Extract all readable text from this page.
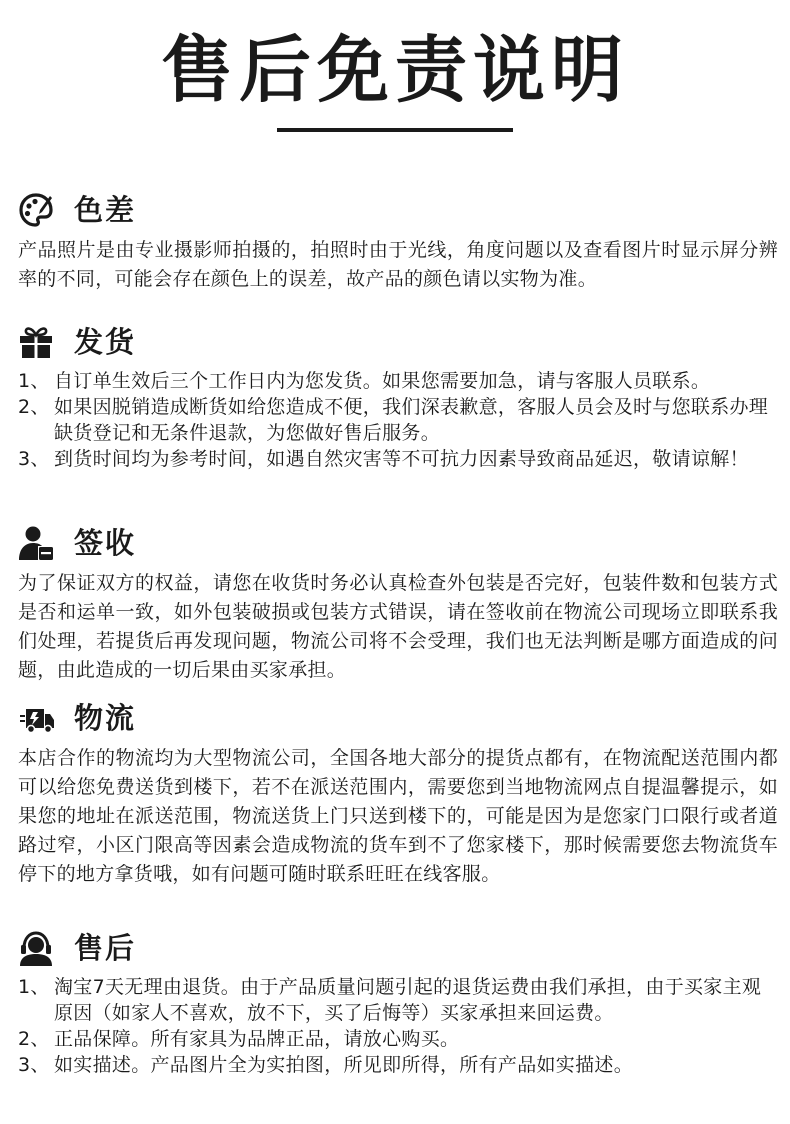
售后免责说明
色差

产品照片是由专业摄影师拍摄的，拍照时由于光线，角度问题以及查看图片时显示屏分辨率的不同，可能会存在颜色上的误差，故产品的颜色请以实物为准。

发货
1、 自订单生效后三个工作日内为您发货。如果您需要加急，请与客服人员联系。
2、 如果因脱销造成断货如给您造成不便，我们深表歉意，客服人员会及时与您联系办理缺货登记和无条件退款，为您做好售后服务。
3、 到货时间均为参考时间，如遇自然灾害等不可抗力因素导致商品延迟，敬请谅解！
签收

为了保证双方的权益，请您在收货时务必认真检查外包装是否完好，包装件数和包装方式是否和运单一致，如外包装破损或包装方式错误，请在签收前在物流公司现场立即联系我们处理，若提货后再发现问题，物流公司将不会受理，我们也无法判断是哪方面造成的问题，由此造成的一切后果由买家承担。

物流

本店合作的物流均为大型物流公司，全国各地大部分的提货点都有，在物流配送范围内都可以给您免费送货到楼下，若不在派送范围内，需要您到当地物流网点自提温馨提示，如果您的地址在派送范围，物流送货上门只送到楼下的，可能是因为是您家门口限行或者道路过窄，小区门限高等因素会造成物流的货车到不了您家楼下，那时候需要您去物流货车停下的地方拿货哦，如有问题可随时联系旺旺在线客服。

售后
1、 淘宝7天无理由退货。由于产品质量问题引起的退货运费由我们承担，由于买家主观原因（如家人不喜欢，放不下，买了后悔等）买家承担来回运费。
2、 正品保障。所有家具为品牌正品，请放心购买。
3、 如实描述。产品图片全为实拍图，所见即所得，所有产品如实描述。
